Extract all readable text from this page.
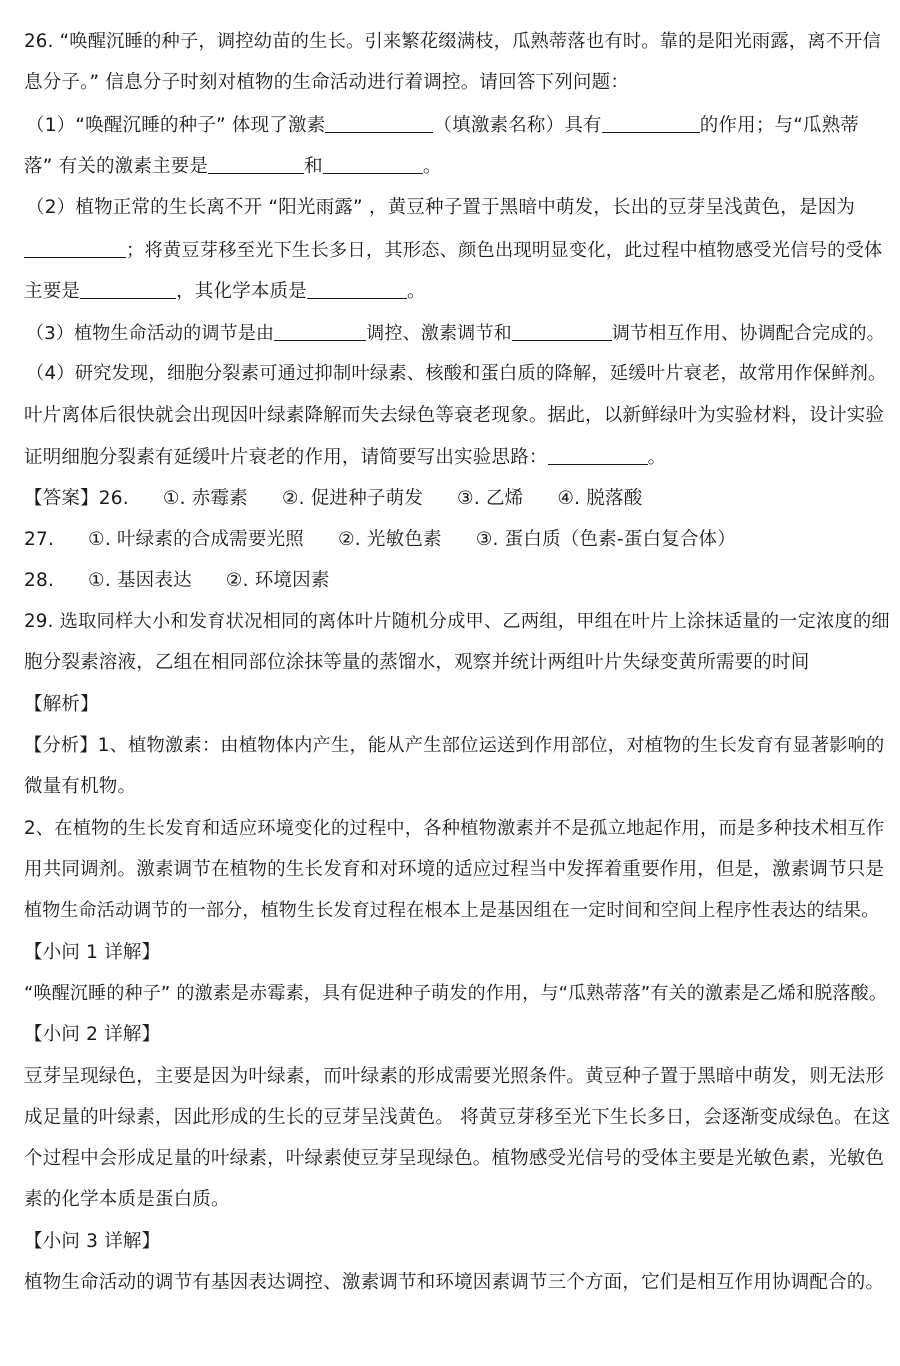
26. “唤醒沉睡的种子，调控幼苗的生长。引来繁花缀满枝，瓜熟蒂落也有时。靠的是阳光雨露，离不开信
息分子。” 信息分子时刻对植物的生命活动进行着调控。请回答下列问题：
（1）“唤醒沉睡的种子” 体现了激素	（填激素名称）具有	的作用；与“瓜熟蒂
落” 有关的激素主要是	和	。
（2）植物正常的生长离不开 “阳光雨露” ，黄豆种子置于黑暗中萌发，长出的豆芽呈浅黄色，是因为
；将黄豆芽移至光下生长多日，其形态、颜色出现明显变化，此过程中植物感受光信号的受体
主要是	，其化学本质是	。
（3）植物生命活动的调节是由	调控、激素调节和	调节相互作用、协调配合完成的。
（4）研究发现，细胞分裂素可通过抑制叶绿素、核酸和蛋白质的降解，延缓叶片衰老，故常用作保鲜剂。
叶片离体后很快就会出现因叶绿素降解而失去绿色等衰老现象。据此，以新鲜绿叶为实验材料，设计实验
证明细胞分裂素有延缓叶片衰老的作用，请简要写出实验思路：	。
【答案】26. ①. 赤霉素 ②. 促进种子萌发 ③. 乙烯 ④. 脱落酸
27. ①. 叶绿素的合成需要光照 ②. 光敏色素 ③. 蛋白质（色素-蛋白复合体）
28. ①. 基因表达 ②. 环境因素
29. 选取同样大小和发育状况相同的离体叶片随机分成甲、乙两组，甲组在叶片上涂抹适量的一定浓度的细
胞分裂素溶液，乙组在相同部位涂抹等量的蒸馏水，观察并统计两组叶片失绿变黄所需要的时间
【解析】
【分析】1、植物激素：由植物体内产生，能从产生部位运送到作用部位，对植物的生长发育有显著影响的
微量有机物。
2、在植物的生长发育和适应环境变化的过程中，各种植物激素并不是孤立地起作用，而是多种技术相互作
用共同调剂。激素调节在植物的生长发育和对环境的适应过程当中发挥着重要作用，但是，激素调节只是
植物生命活动调节的一部分，植物生长发育过程在根本上是基因组在一定时间和空间上程序性表达的结果。
【小问 1 详解】
“唤醒沉睡的种子” 的激素是赤霉素，具有促进种子萌发的作用，与“瓜熟蒂落”有关的激素是乙烯和脱落酸。
【小问 2 详解】
豆芽呈现绿色，主要是因为叶绿素，而叶绿素的形成需要光照条件。黄豆种子置于黑暗中萌发，则无法形
成足量的叶绿素，因此形成的生长的豆芽呈浅黄色。 将黄豆芽移至光下生长多日，会逐渐变成绿色。在这
个过程中会形成足量的叶绿素，叶绿素使豆芽呈现绿色。植物感受光信号的受体主要是光敏色素，光敏色
素的化学本质是蛋白质。
【小问 3 详解】
植物生命活动的调节有基因表达调控、激素调节和环境因素调节三个方面，它们是相互作用协调配合的。
